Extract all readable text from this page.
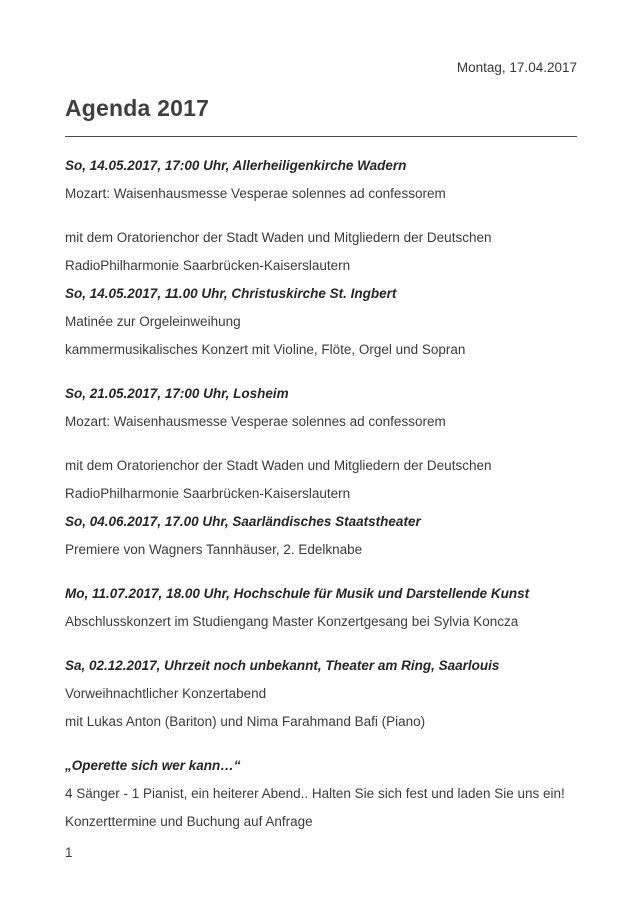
Montag, 17.04.2017
Agenda 2017

So, 14.05.2017, 17:00 Uhr, Allerheiligenkirche Wadern

Mozart: Waisenhausmesse Vesperae solennes ad confessorem

mit dem Oratorienchor der Stadt Waden und Mitgliedern der Deutschen

RadioPhilharmonie Saarbrücken-Kaiserslautern

So, 14.05.2017, 11.00 Uhr, Christuskirche St. Ingbert

Matinée zur Orgeleinweihung

kammermusikalisches Konzert mit Violine, Flöte, Orgel und Sopran

So, 21.05.2017, 17:00 Uhr, Losheim

Mozart: Waisenhausmesse Vesperae solennes ad confessorem

mit dem Oratorienchor der Stadt Waden und Mitgliedern der Deutschen

RadioPhilharmonie Saarbrücken-Kaiserslautern

So, 04.06.2017, 17.00 Uhr, Saarländisches Staatstheater

Premiere von Wagners Tannhäuser, 2. Edelknabe

Mo, 11.07.2017, 18.00 Uhr, Hochschule für Musik und Darstellende Kunst

Abschlusskonzert im Studiengang Master Konzertgesang bei Sylvia Koncza

Sa, 02.12.2017, Uhrzeit noch unbekannt, Theater am Ring, Saarlouis

Vorweihnachtlicher Konzertabend

mit Lukas Anton (Bariton) und Nima Farahmand Bafi (Piano)

„Operette sich wer kann…“

4 Sänger - 1 Pianist, ein heiterer Abend.. Halten Sie sich fest und laden Sie uns ein!

Konzerttermine und Buchung auf Anfrage

1
